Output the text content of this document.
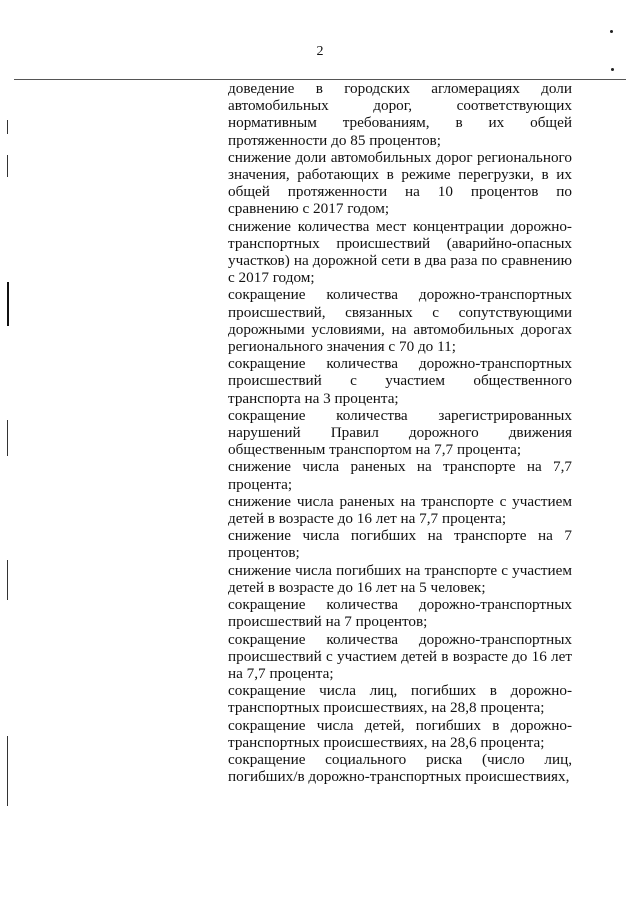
2

доведение в городских агломерациях доли автомобильных дорог, соответствующих нормативным требованиям, в их общей протяженности до 85 процентов;

снижение доли автомобильных дорог регионального значения, работающих в режиме перегрузки, в их общей протяженности на 10 процентов по сравнению с 2017 годом;

снижение количества мест концентрации дорожно-транспортных происшествий (аварийно-опасных участков) на дорожной сети в два раза по сравнению с 2017 годом;

сокращение количества дорожно-транспортных происшествий, связанных с сопутствующими дорожными условиями, на автомобильных дорогах регионального значения с 70 до 11;

сокращение количества дорожно-транспортных происшествий с участием общественного транспорта на 3 процента;

сокращение количества зарегистрированных нарушений Правил дорожного движения общественным транспортом на 7,7 процента;

снижение числа раненых на транспорте на 7,7 процента;

снижение числа раненых на транспорте с участием детей в возрасте до 16 лет на 7,7 процента;

снижение числа погибших на транспорте на 7 процентов;

снижение числа погибших на транспорте с участием детей в возрасте до 16 лет на 5 человек;

сокращение количества дорожно-транспортных происшествий на 7 процентов;

сокращение количества дорожно-транспортных происшествий с участием детей в возрасте до 16 лет на 7,7 процента;

сокращение числа лиц, погибших в дорожно-транспортных происшествиях, на 28,8 процента;

сокращение числа детей, погибших в дорожно-транспортных происшествиях, на 28,6 процента;

сокращение социального риска (число лиц, погибших/в дорожно-транспортных происшествиях,
